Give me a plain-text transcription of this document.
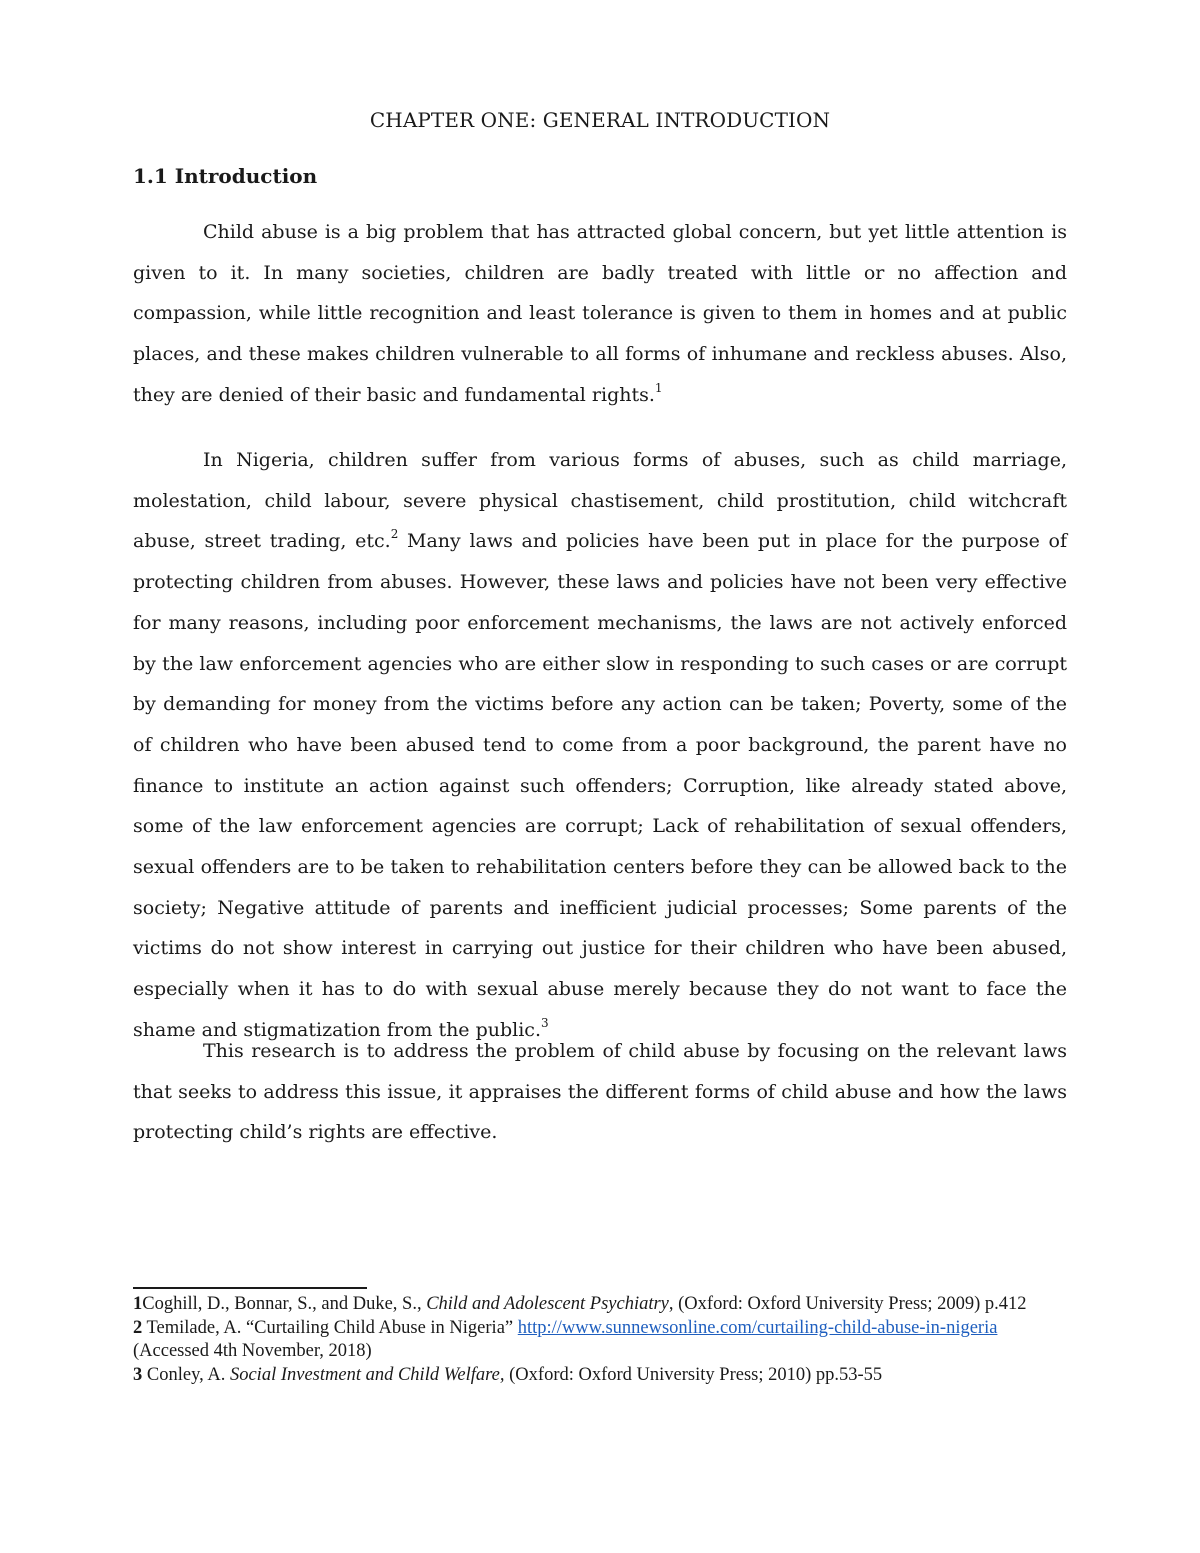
CHAPTER ONE: GENERAL INTRODUCTION
1.1 Introduction

Child abuse is a big problem that has attracted global concern, but yet little attention is given to it. In many societies, children are badly treated with little or no affection and compassion, while little recognition and least tolerance is given to them in homes and at public places, and these makes children vulnerable to all forms of inhumane and reckless abuses. Also, they are denied of their basic and fundamental rights.$^1$

In Nigeria, children suffer from various forms of abuses, such as child marriage, molestation, child labour, severe physical chastisement, child prostitution, child witchcraft abuse, street trading, etc.$^2$ Many laws and policies have been put in place for the purpose of protecting children from abuses. However, these laws and policies have not been very effective for many reasons, including poor enforcement mechanisms, the laws are not actively enforced by the law enforcement agencies who are either slow in responding to such cases or are corrupt by demanding for money from the victims before any action can be taken; Poverty, some of the of children who have been abused tend to come from a poor background, the parent have no finance to institute an action against such offenders; Corruption, like already stated above, some of the law enforcement agencies are corrupt; Lack of rehabilitation of sexual offenders, sexual offenders are to be taken to rehabilitation centers before they can be allowed back to the society; Negative attitude of parents and inefficient judicial processes; Some parents of the victims do not show interest in carrying out justice for their children who have been abused, especially when it has to do with sexual abuse merely because they do not want to face the shame and stigmatization from the public.$^3$

This research is to address the problem of child abuse by focusing on the relevant laws that seeks to address this issue, it appraises the different forms of child abuse and how the laws protecting child’s rights are effective.

1Coghill, D., Bonnar, S., and Duke, S., Child and Adolescent Psychiatry, (Oxford: Oxford University Press; 2009) p.412

2 Temilade, A. “Curtailing Child Abuse in Nigeria” http://www.sunnewsonline.com/curtailing-child-abuse-in-nigeria (Accessed 4th November, 2018)

3 Conley, A. Social Investment and Child Welfare, (Oxford: Oxford University Press; 2010) pp.53-55
